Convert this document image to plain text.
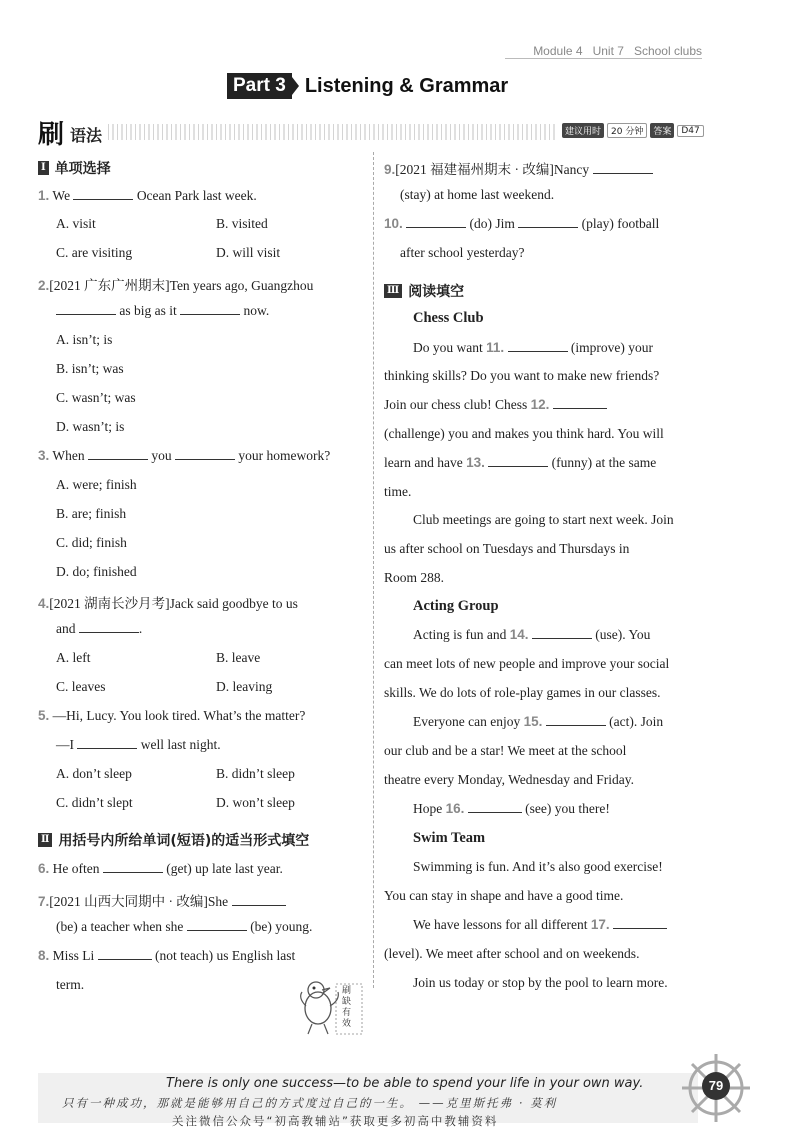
Module 4 Unit 7 School clubs
Part 3 Listening & Grammar
刷 语法	建议用时	20 分钟	答案	D47
Ⅰ 单项选择
1. We	Ocean Park last week.
A. visit	B. visited
C. are visiting	D. will visit
2.[2021 广东广州期末]Ten years ago, Guangzhou
as big as it	now.
A. isn’t; is
B. isn’t; was
C. wasn’t; was
D. wasn’t; is
3. When	you	your homework?
A. were; finish
B. are; finish
C. did; finish
D. do; finished
4.[2021 湖南长沙月考]Jack said goodbye to us
and	.
A. left	B. leave
C. leaves	D. leaving
5. —Hi, Lucy. You look tired. What’s the matter?
—I	well last night.
A. don’t sleep	B. didn’t sleep
C. didn’t slept	D. won’t sleep
Ⅱ 用括号内所给单词(短语)的适当形式填空
6. He often	(get) up late last year.
7.[2021 山西大同期中 · 改编]She
(be) a teacher when she	(be) young.
8. Miss Li	(not teach) us English last
term.
9.[2021 福建福州期末 · 改编]Nancy
(stay) at home last weekend.
10.	(do) Jim	(play) football
after school yesterday?
Ⅲ 阅读填空
Chess Club
Do you want 11.	(improve) your
thinking skills? Do you want to make new friends?
Join our chess club! Chess 12.
(challenge) you and makes you think hard. You will
learn and have 13.	(funny) at the same
time.
Club meetings are going to start next week. Join
us after school on Tuesdays and Thursdays in
Room 288.
Acting Group
Acting is fun and 14.	(use). You
can meet lots of new people and improve your social
skills. We do lots of role-play games in our classes.
Everyone can enjoy 15.	(act). Join
our club and be a star! We meet at the school
theatre every Monday, Wednesday and Friday.
Hope 16.	(see) you there!
Swim Team
Swimming is fun. And it’s also good exercise!
You can stay in shape and have a good time.
We have lessons for all different 17.
(level). We meet after school and on weekends.
Join us today or stop by the pool to learn more.
刷缺有效
There is only one success—to be able to spend your life in your own way.
只有一种成功，那就是能够用自己的方式度过自己的一生。 ——克里斯托弗 · 莫利
关注微信公众号“初高教辅站”获取更多初高中教辅资料
79
